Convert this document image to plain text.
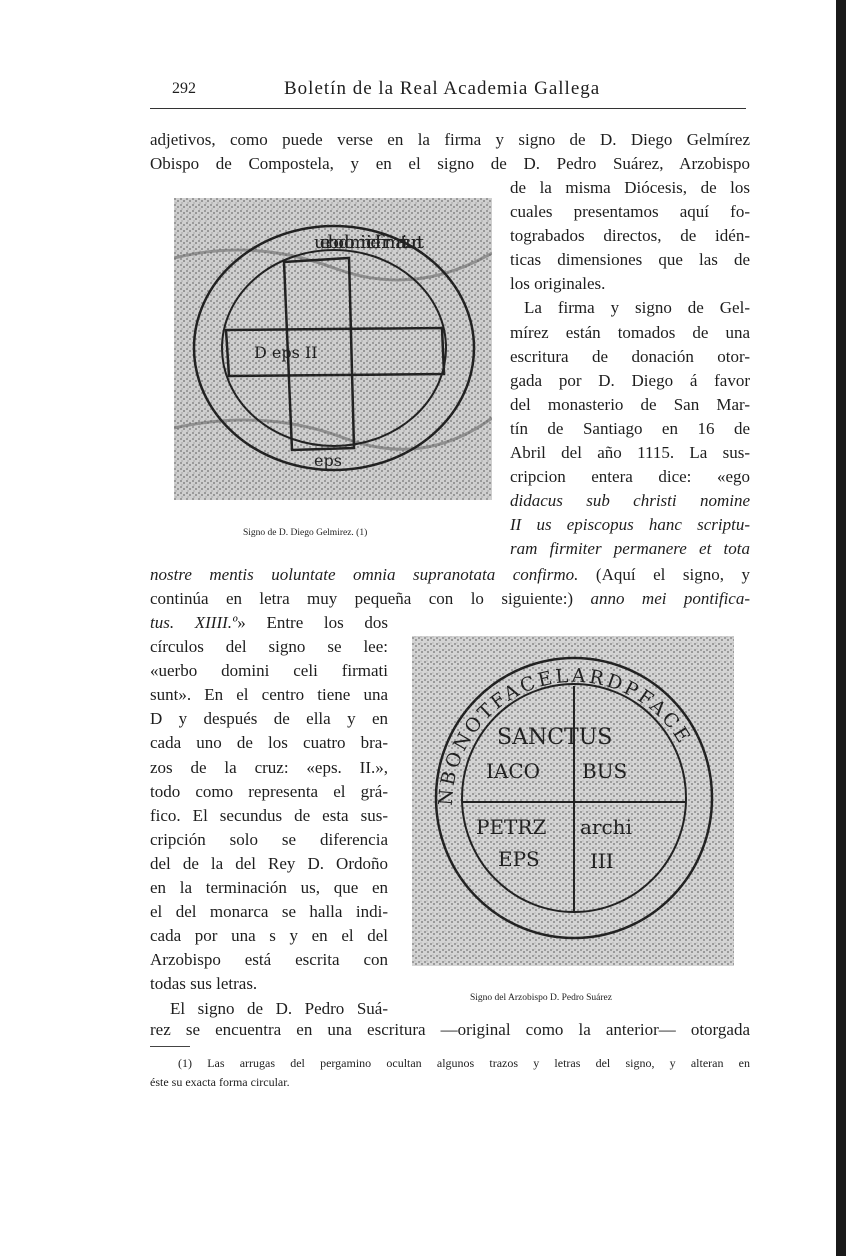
292	Boletín de la Real Academia Gallega
adjetivos, como puede verse en la firma y signo de D. Diego Gelmírez
Obispo de Compostela, y en el signo de D. Pedro Suárez, Arzobispo
de la misma Diócesis, de los
cuales presentamos aquí fo-
tograbados directos, de idén-
ticas dimensiones que las de
los originales.
La firma y signo de Gel-
mírez están tomados de una
escritura de donación otor-
gada por D. Diego á favor
del monasterio de San Mar-
tín de Santiago en 16 de
Abril del año 1115. La sus-
cripcion entera dice: «ego
didacus sub christi nomine
II us episcopus hanc scriptu-
ram firmiter permanere et tota
uerbo domini celi firmati sunt
D eps II
eps
Signo de D. Diego Gelmirez. (1)
nostre mentis uoluntate omnia supranotata confirmo. (Aquí el signo, y
continúa en letra muy pequeña con lo siguiente:) anno mei pontifica-
tus. XIIII.º» Entre los dos
círculos del signo se lee:
«uerbo domini celi firmati
sunt». En el centro tiene una
D y después de ella y en
cada uno de los cuatro bra-
zos de la cruz: «eps. II.»,
todo como representa el grá-
fico. El secundus de esta sus-
cripción solo se diferencia
del de la del Rey D. Ordoño
en la terminación us, que en
el del monarca se halla indi-
cada por una s y en el del
Arzobispo está escrita con
todas sus letras.
El signo de D. Pedro Suá-
NBONOTFACELARDPFACE
SANCTUS
IACO BUS
PETRZ archi
EPS	III
Signo del Arzobispo D. Pedro Suárez
rez se encuentra en una escritura —original como la anterior— otorgada
(1) Las arrugas del pergamino ocultan algunos trazos y letras del signo, y alteran en
éste su exacta forma circular.
